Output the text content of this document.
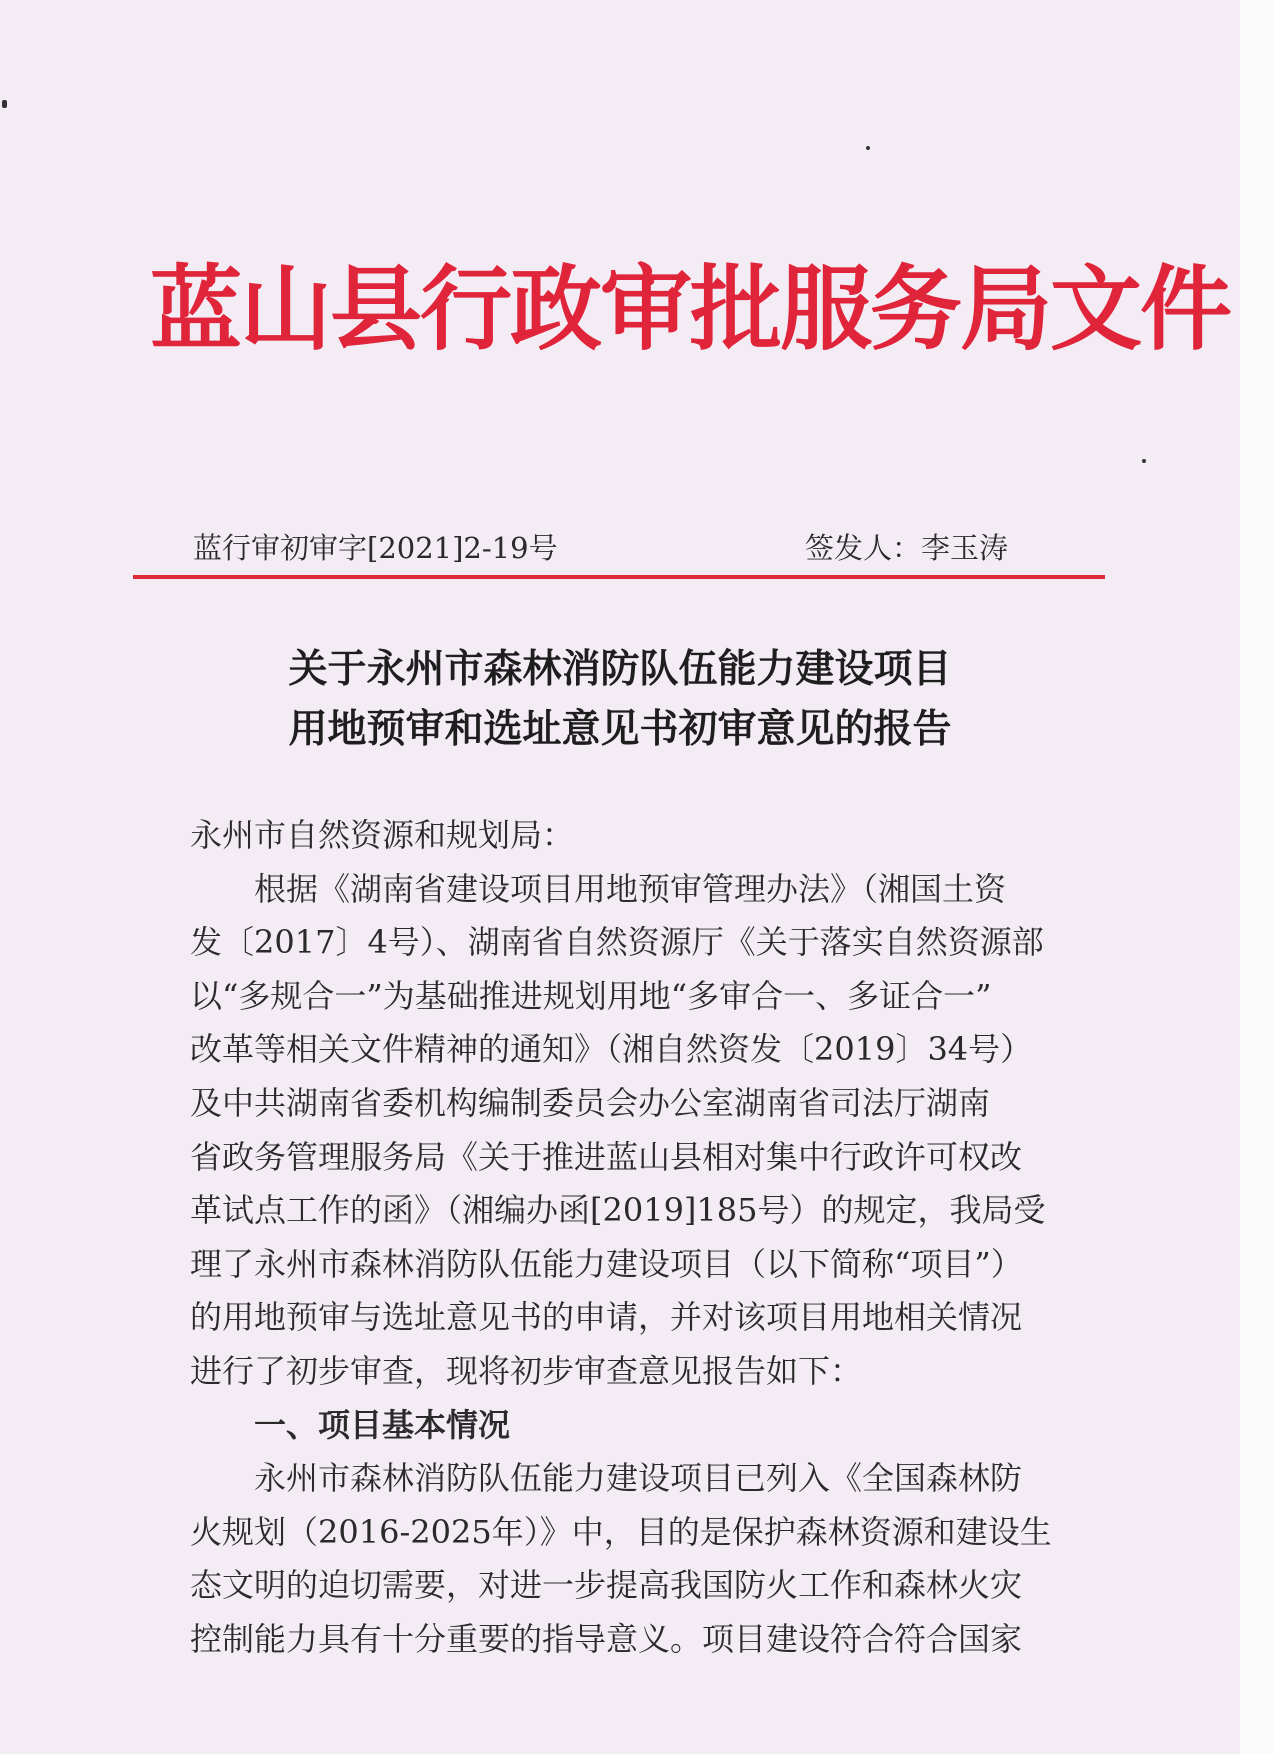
蓝山县行政审批服务局文件
蓝行审初审字[2021]2-19号	签发人：李玉涛
关于永州市森林消防队伍能力建设项目
用地预审和选址意见书初审意见的报告
永州市自然资源和规划局：
根据《湖南省建设项目用地预审管理办法》（湘国土资
发〔2017〕4号）、湖南省自然资源厅《关于落实自然资源部
以“多规合一”为基础推进规划用地“多审合一、多证合一”
改革等相关文件精神的通知》（湘自然资发〔2019〕34号）
及中共湖南省委机构编制委员会办公室湖南省司法厅湖南
省政务管理服务局《关于推进蓝山县相对集中行政许可权改
革试点工作的函》（湘编办函[2019]185号）的规定，我局受
理了永州市森林消防队伍能力建设项目（以下简称“项目”）
的用地预审与选址意见书的申请，并对该项目用地相关情况
进行了初步审查，现将初步审查意见报告如下：
一、项目基本情况
永州市森林消防队伍能力建设项目已列入《全国森林防
火规划（2016-2025年）》中，目的是保护森林资源和建设生
态文明的迫切需要，对进一步提高我国防火工作和森林火灾
控制能力具有十分重要的指导意义。项目建设符合符合国家
